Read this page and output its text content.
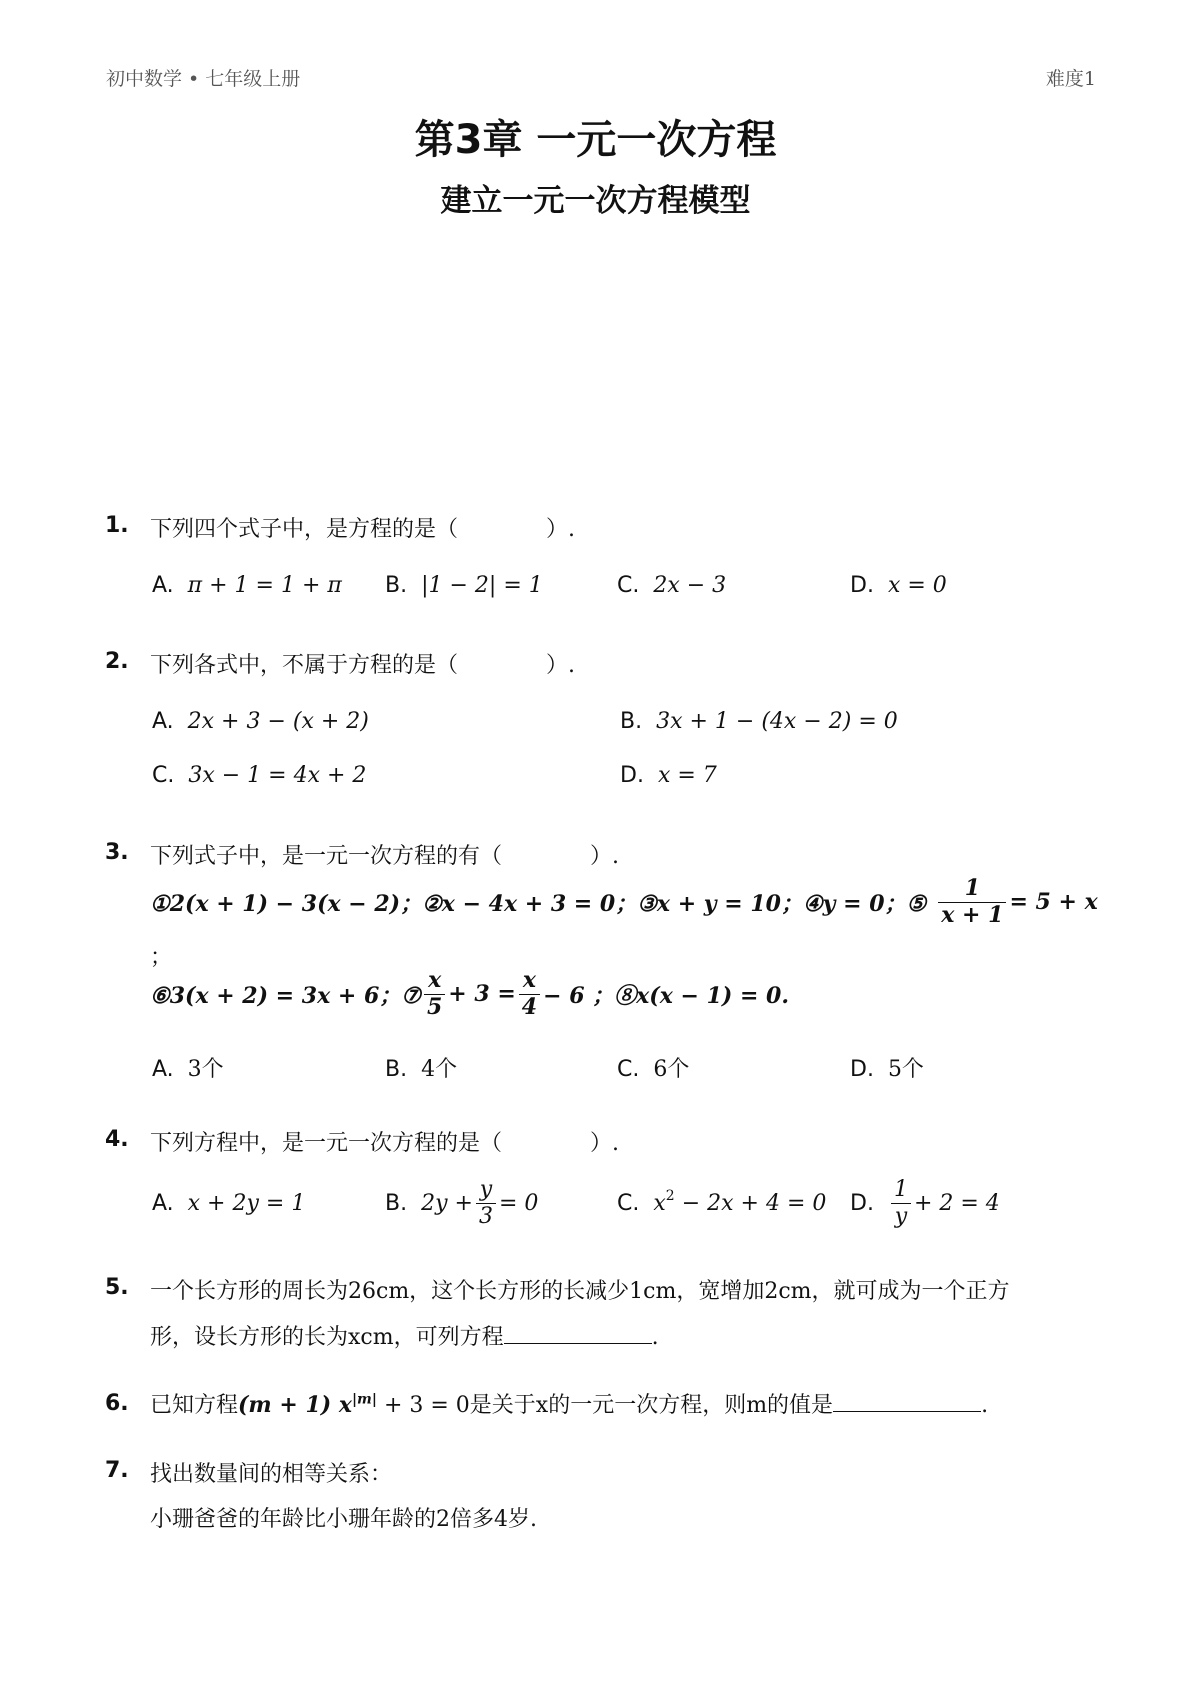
初中数学 • 七年级上册	难度1
第3章 一元一次方程
建立一元一次方程模型
1. 下列四个式子中，是方程的是（　　　　）.
A. π + 1 = 1 + π B. |1 − 2| = 1	C. 2x − 3	D. x = 0
2. 下列各式中，不属于方程的是（　　　　）.
A. 2x + 3 − (x + 2)	B. 3x + 1 − (4x − 2) = 0
C. 3x − 1 = 4x + 2	D. x = 7
3. 下列式子中，是一元一次方程的有（　　　　）.
①2(x + 1) − 3(x − 2)；②x − 4x + 3 = 0；③x + y = 10；④y = 0；⑤ $\frac{1}{x + 1} = 5 + x$
；
⑥3(x + 2) = 3x + 6；⑦ $\frac{x}{5} + 3 = \frac{x}{4} - 6$ ；⑧x(x − 1) = 0.
A. 3个	B. 4个	C. 6个	D. 5个
4. 下列方程中，是一元一次方程的是（　　　　）.
A. x + 2y = 1	B. $2y + \frac{y}{3} = 0$	C. $x^2 - 2x + 4 = 0$ D. $\frac{1}{y} + 2 = 4$
5. 一个长方形的周长为26cm，这个长方形的长减少1cm，宽增加2cm，就可成为一个正方
形，设长方形的长为xcm，可列方程	.
6. 已知方程(m + 1) $x^{|m|} + 3 = 0$是关于x的一元一次方程，则m的值是	.
7. 找出数量间的相等关系：
小珊爸爸的年龄比小珊年龄的2倍多4岁.
